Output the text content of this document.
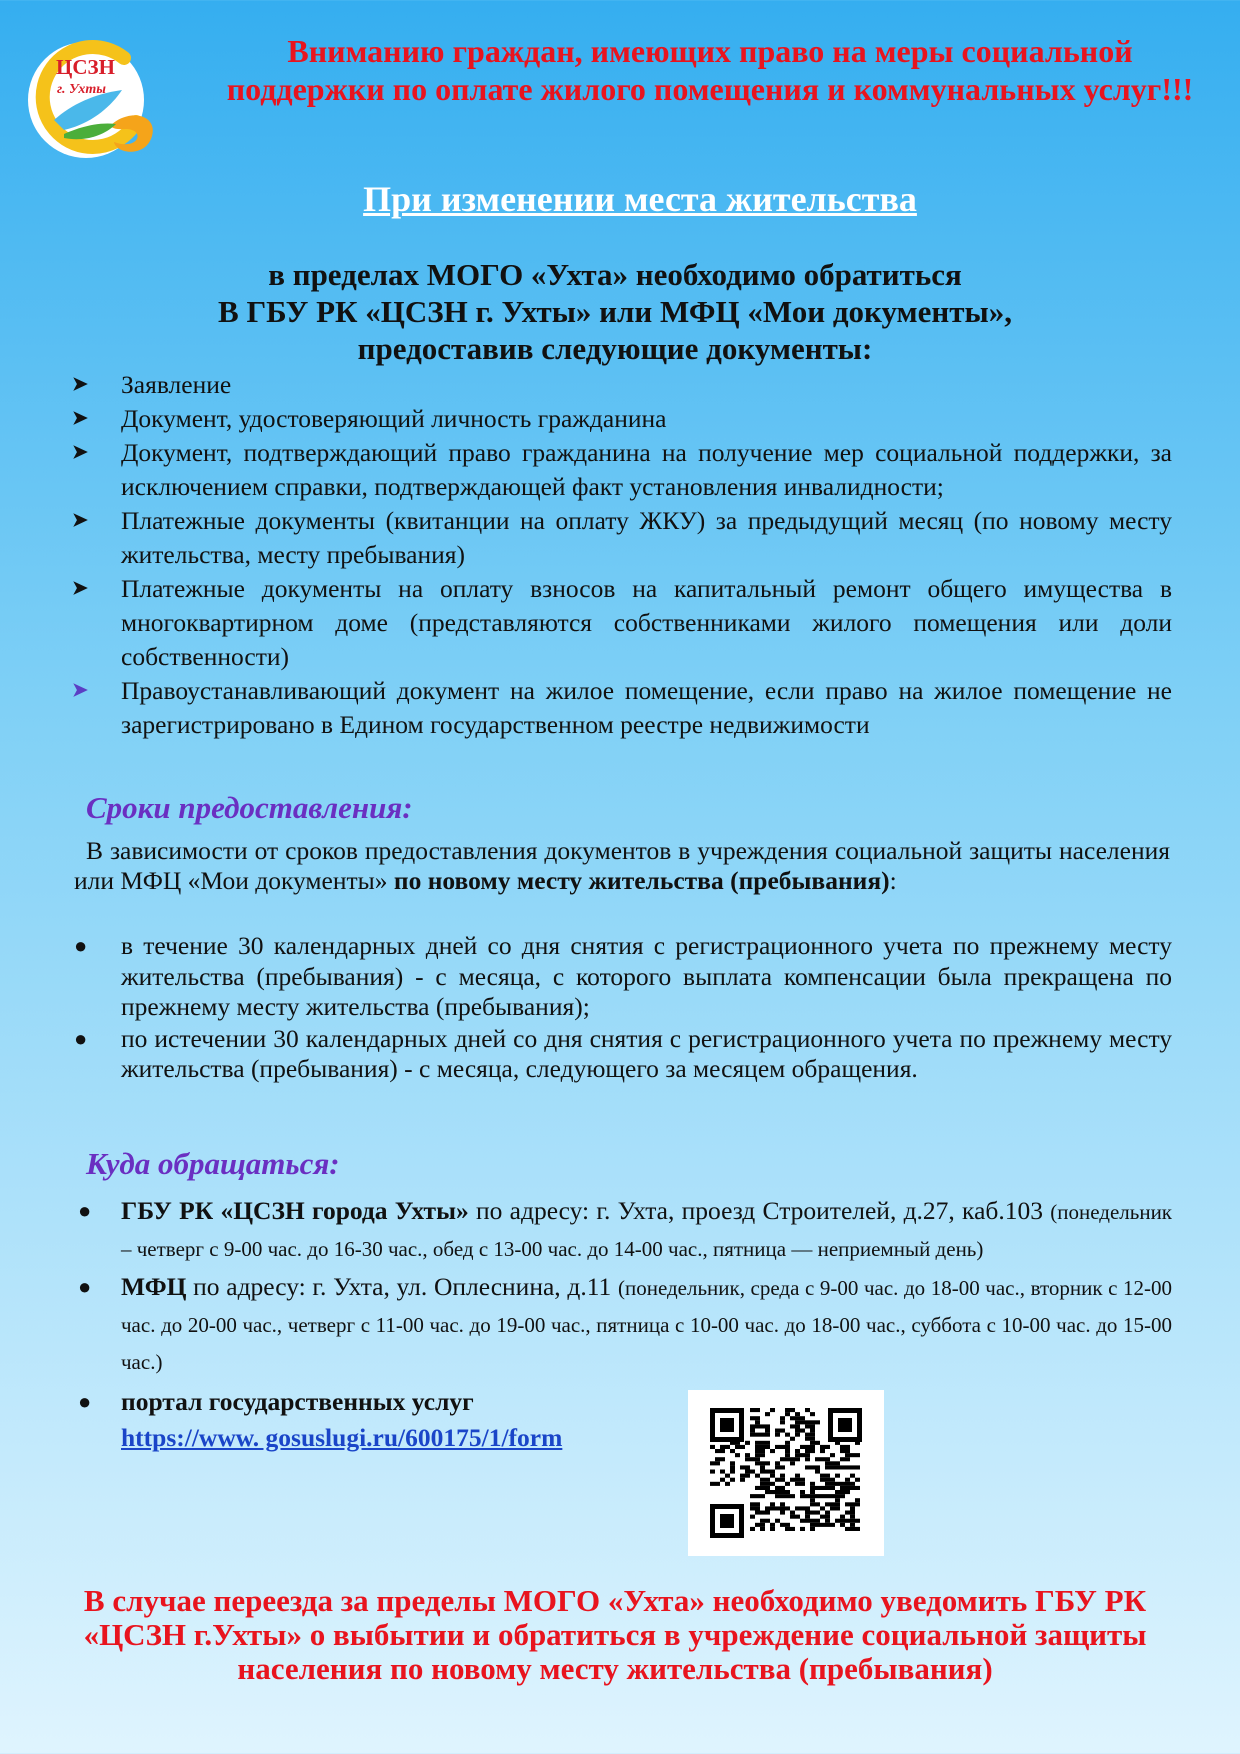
ЦСЗН
г. Ухты
Вниманию граждан, имеющих право на меры социальной поддержки по оплате жилого помещения и коммунальных услуг!!!
При изменении места жительства
в пределах МОГО «Ухта» необходимо обратиться
В ГБУ РК «ЦСЗН г. Ухты» или МФЦ «Мои документы»,
предоставив следующие документы:
➤ Заявление
➤ Документ, удостоверяющий личность гражданина
➤ Документ, подтверждающий право гражданина на получение мер социальной поддержки, за исключением справки, подтверждающей факт установления инвалидности;
➤ Платежные документы (квитанции на оплату ЖКУ) за предыдущий месяц (по новому месту жительства, месту пребывания)
➤ Платежные документы на оплату взносов на капитальный ремонт общего имущества в многоквартирном доме (представляются собственниками жилого помещения или доли собственности)
➤ Правоустанавливающий документ на жилое помещение, если право на жилое помещение не зарегистрировано в Едином государственном реестре недвижимости
Сроки предоставления:
В зависимости от сроков предоставления документов в учреждения социальной защиты населения или МФЦ «Мои документы» по новому месту жительства (пребывания):
● в течение 30 календарных дней со дня снятия с регистрационного учета по прежнему месту жительства (пребывания) - с месяца, с которого выплата компенсации была прекращена по прежнему месту жительства (пребывания);
● по истечении 30 календарных дней со дня снятия с регистрационного учета по прежнему месту жительства (пребывания) - с месяца, следующего за месяцем обращения.
Куда обращаться:
● ГБУ РК «ЦСЗН города Ухты» по адресу: г. Ухта, проезд Строителей, д.27, каб.103 (понедельник – четверг с 9-00 час. до 16-30 час., обед с 13-00 час. до 14-00 час., пятница — неприемный день)
● МФЦ по адресу: г. Ухта, ул. Оплеснина, д.11 (понедельник, среда с 9-00 час. до 18-00 час., вторник с 12-00 час. до 20-00 час., четверг с 11-00 час. до 19-00 час., пятница с 10-00 час. до 18-00 час., суббота с 10-00 час. до 15-00 час.)
● портал государственных услуг
https://www. gosuslugi.ru/600175/1/form
В случае переезда за пределы МОГО «Ухта» необходимо уведомить ГБУ РК «ЦСЗН г.Ухты» о выбытии и обратиться в учреждение социальной защиты населения по новому месту жительства (пребывания)
